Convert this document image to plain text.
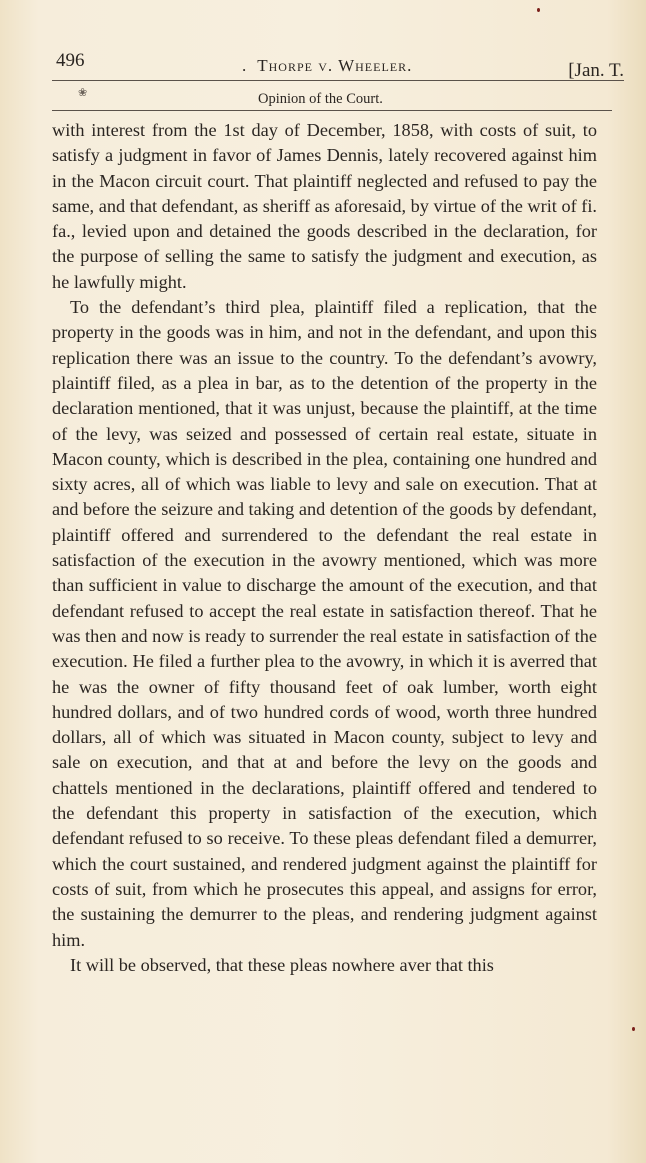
496	. Thorpe v. Wheeler.	[Jan. T.
❀	Opinion of the Court.

with interest from the 1st day of December, 1858, with costs of suit, to satisfy a judgment in favor of James Dennis, lately recovered against him in the Macon circuit court. That plaintiff neglected and refused to pay the same, and that defendant, as sheriff as aforesaid, by virtue of the writ of fi. fa., levied upon and detained the goods described in the declaration, for the purpose of selling the same to satisfy the judgment and execution, as he lawfully might.

To the defendant’s third plea, plaintiff filed a replication, that the property in the goods was in him, and not in the defendant, and upon this replication there was an issue to the country. To the defendant’s avowry, plaintiff filed, as a plea in bar, as to the detention of the property in the declaration mentioned, that it was unjust, because the plaintiff, at the time of the levy, was seized and possessed of certain real estate, situate in Macon county, which is described in the plea, containing one hundred and sixty acres, all of which was liable to levy and sale on execution. That at and before the seizure and taking and detention of the goods by defendant, plaintiff offered and surrendered to the defendant the real estate in satisfaction of the execution in the avowry mentioned, which was more than sufficient in value to discharge the amount of the execution, and that defendant refused to accept the real estate in satisfaction thereof. That he was then and now is ready to surrender the real estate in satisfaction of the execution. He filed a further plea to the avowry, in which it is averred that he was the owner of fifty thousand feet of oak lumber, worth eight hundred dollars, and of two hundred cords of wood, worth three hundred dollars, all of which was situated in Macon county, subject to levy and sale on execution, and that at and before the levy on the goods and chattels mentioned in the declarations, plaintiff offered and tendered to the defendant this property in satisfaction of the execution, which defendant refused to so receive. To these pleas defendant filed a demurrer, which the court sustained, and rendered judgment against the plaintiff for costs of suit, from which he prosecutes this appeal, and assigns for error, the sustaining the demurrer to the pleas, and rendering judgment against him.

It will be observed, that these pleas nowhere aver that this
